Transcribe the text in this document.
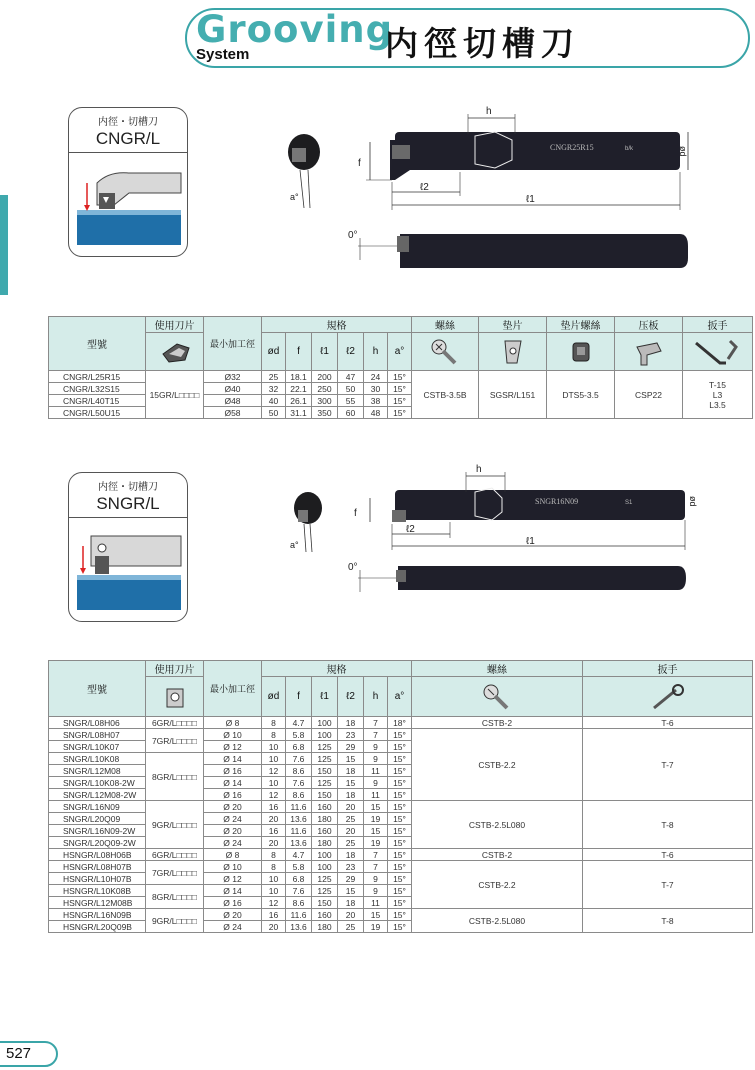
Grooving
System	内徑切槽刀
内徑・切槽刀
CNGR/L
a°
CNGR25R15	b/k
h
f
ℓ2
ℓ1
ød
0°
型號	使用刀片	最小加工徑	規格						螺絲	垫片	垫片螺絲	压板	扳手

	ød	f	ℓ1	ℓ2	h	a°	

CNGR/L25R15	15GR/L□□□□	Ø32	25	18.1	200	47	24	15°	CSTB-3.5B	SGSR/L151	DTS5-3.5	CSP22	T-15
L3
L3.5

CNGR/L32S15		Ø40	32	22.1	250	50	30	15°					
CNGR/L40T15		Ø48	40	26.1	300	55	38	15°					
CNGR/L50U15		Ø58	50	31.1	350	60	48	15°					
内徑・切槽刀
SNGR/L
a°
SNGR16N09	S1
h
f
ℓ2
ℓ1
ød
0°
型號	使用刀片	最小加工徑	規格						螺絲	扳手

	ød	f	ℓ1	ℓ2	h	a°	

SNGR/L08H06	6GR/L□□□□	Ø 8	8	4.7	100	18	7	18°	CSTB-2	T-6
SNGR/L08H07	7GR/L□□□□	Ø 10	8	5.8	100	23	7	15°	CSTB-2.2	T-7
SNGR/L10K07		Ø 12	10	6.8	125	29	9	15°		
SNGR/L10K08	8GR/L□□□□	Ø 14	10	7.6	125	15	9	15°		
SNGR/L12M08		Ø 16	12	8.6	150	18	11	15°		
SNGR/L10K08-2W		Ø 14	10	7.6	125	15	9	15°		
SNGR/L12M08-2W		Ø 16	12	8.6	150	18	11	15°		
SNGR/L16N09	9GR/L□□□□	Ø 20	16	11.6	160	20	15	15°	CSTB-2.5L080	T-8
SNGR/L20Q09		Ø 24	20	13.6	180	25	19	15°		
SNGR/L16N09-2W		Ø 20	16	11.6	160	20	15	15°		
SNGR/L20Q09-2W		Ø 24	20	13.6	180	25	19	15°		
HSNGR/L08H06B	6GR/L□□□□	Ø 8	8	4.7	100	18	7	15°	CSTB-2	T-6
HSNGR/L08H07B	7GR/L□□□□	Ø 10	8	5.8	100	23	7	15°	CSTB-2.2	T-7
HSNGR/L10H07B		Ø 12	10	6.8	125	29	9	15°		
HSNGR/L10K08B	8GR/L□□□□	Ø 14	10	7.6	125	15	9	15°		
HSNGR/L12M08B		Ø 16	12	8.6	150	18	11	15°		
HSNGR/L16N09B	9GR/L□□□□	Ø 20	16	11.6	160	20	15	15°	CSTB-2.5L080	T-8
HSNGR/L20Q09B		Ø 24	20	13.6	180	25	19	15°		
527
